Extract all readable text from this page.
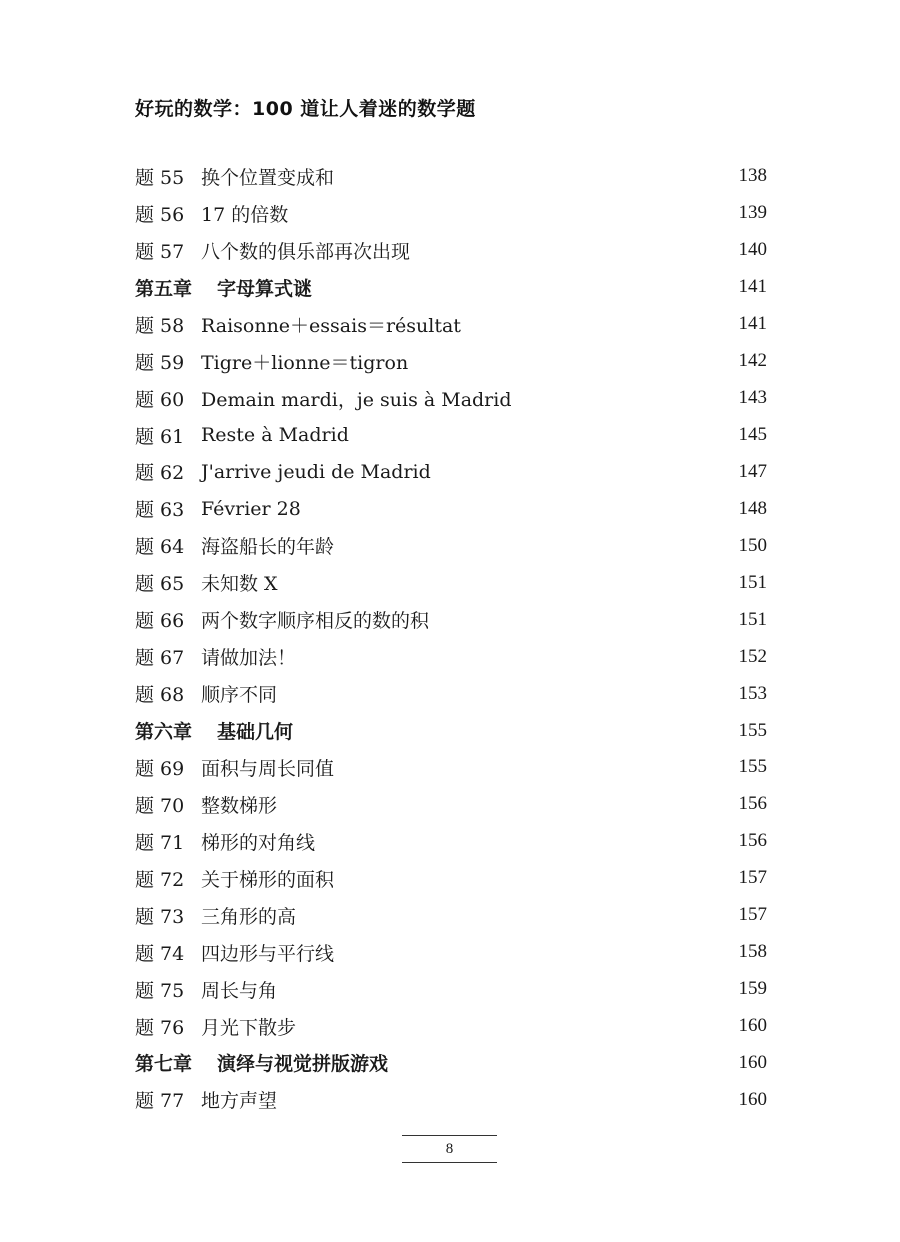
好玩的数学：100 道让人着迷的数学题
题 55 换个位置变成和	138
题 56 17 的倍数	139
题 57 八个数的俱乐部再次出现	140
第五章	字母算式谜	141
题 58 Raisonne＋essais＝résultat	141
题 59 Tigre＋lionne＝tigron	142
题 60 Demain mardi，je suis à Madrid	143
题 61 Reste à Madrid	145
题 62 J'arrive jeudi de Madrid	147
题 63 Février 28	148
题 64 海盗船长的年龄	150
题 65 未知数 X	151
题 66 两个数字顺序相反的数的积	151
题 67 请做加法！	152
题 68 顺序不同	153
第六章	基础几何	155
题 69 面积与周长同值	155
题 70 整数梯形	156
题 71 梯形的对角线	156
题 72 关于梯形的面积	157
题 73 三角形的高	157
题 74 四边形与平行线	158
题 75 周长与角	159
题 76 月光下散步	160
第七章	演绎与视觉拼版游戏	160
题 77 地方声望	160
8
